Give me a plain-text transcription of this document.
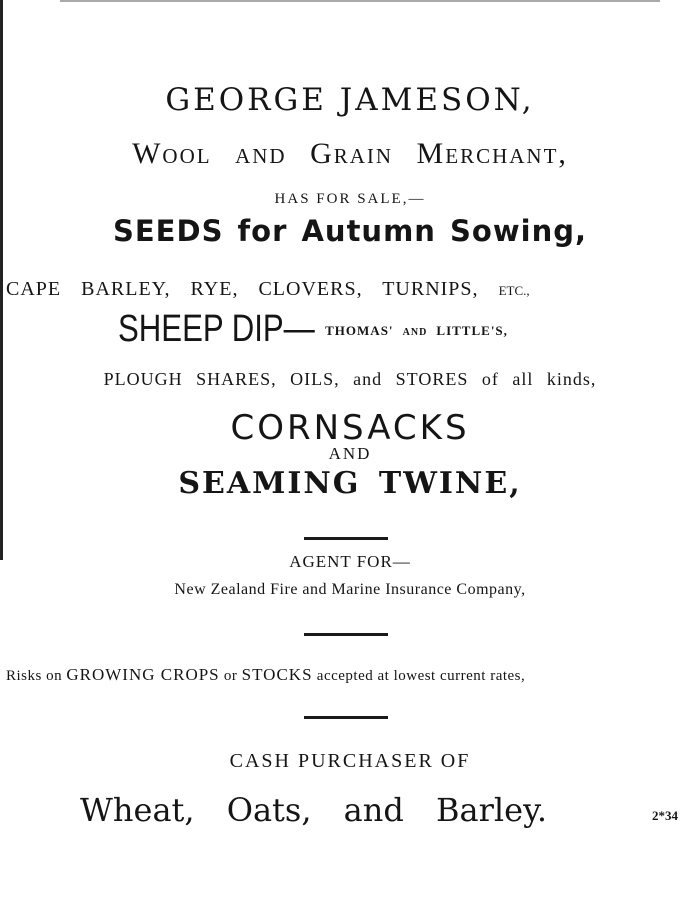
GEORGE JAMESON,
Wool and Grain Merchant,
HAS FOR SALE,—
SEEDS for Autumn Sowing,
CAPE BARLEY, RYE, CLOVERS, TURNIPS, ETC.,
SHEEP DIP— $^{THOMAS'}$ $^{AND}$ $^{LITTLE'S,}$
PLOUGH SHARES, OILS, and STORES of all kinds,
CORNSACKS
AND
SEAMING TWINE,
AGENT FOR—
New Zealand Fire and Marine Insurance Company,
Risks on GROWING CROPS or STOCKS accepted at lowest current rates,
CASH PURCHASER OF
Wheat, Oats, and Barley.	2*34
